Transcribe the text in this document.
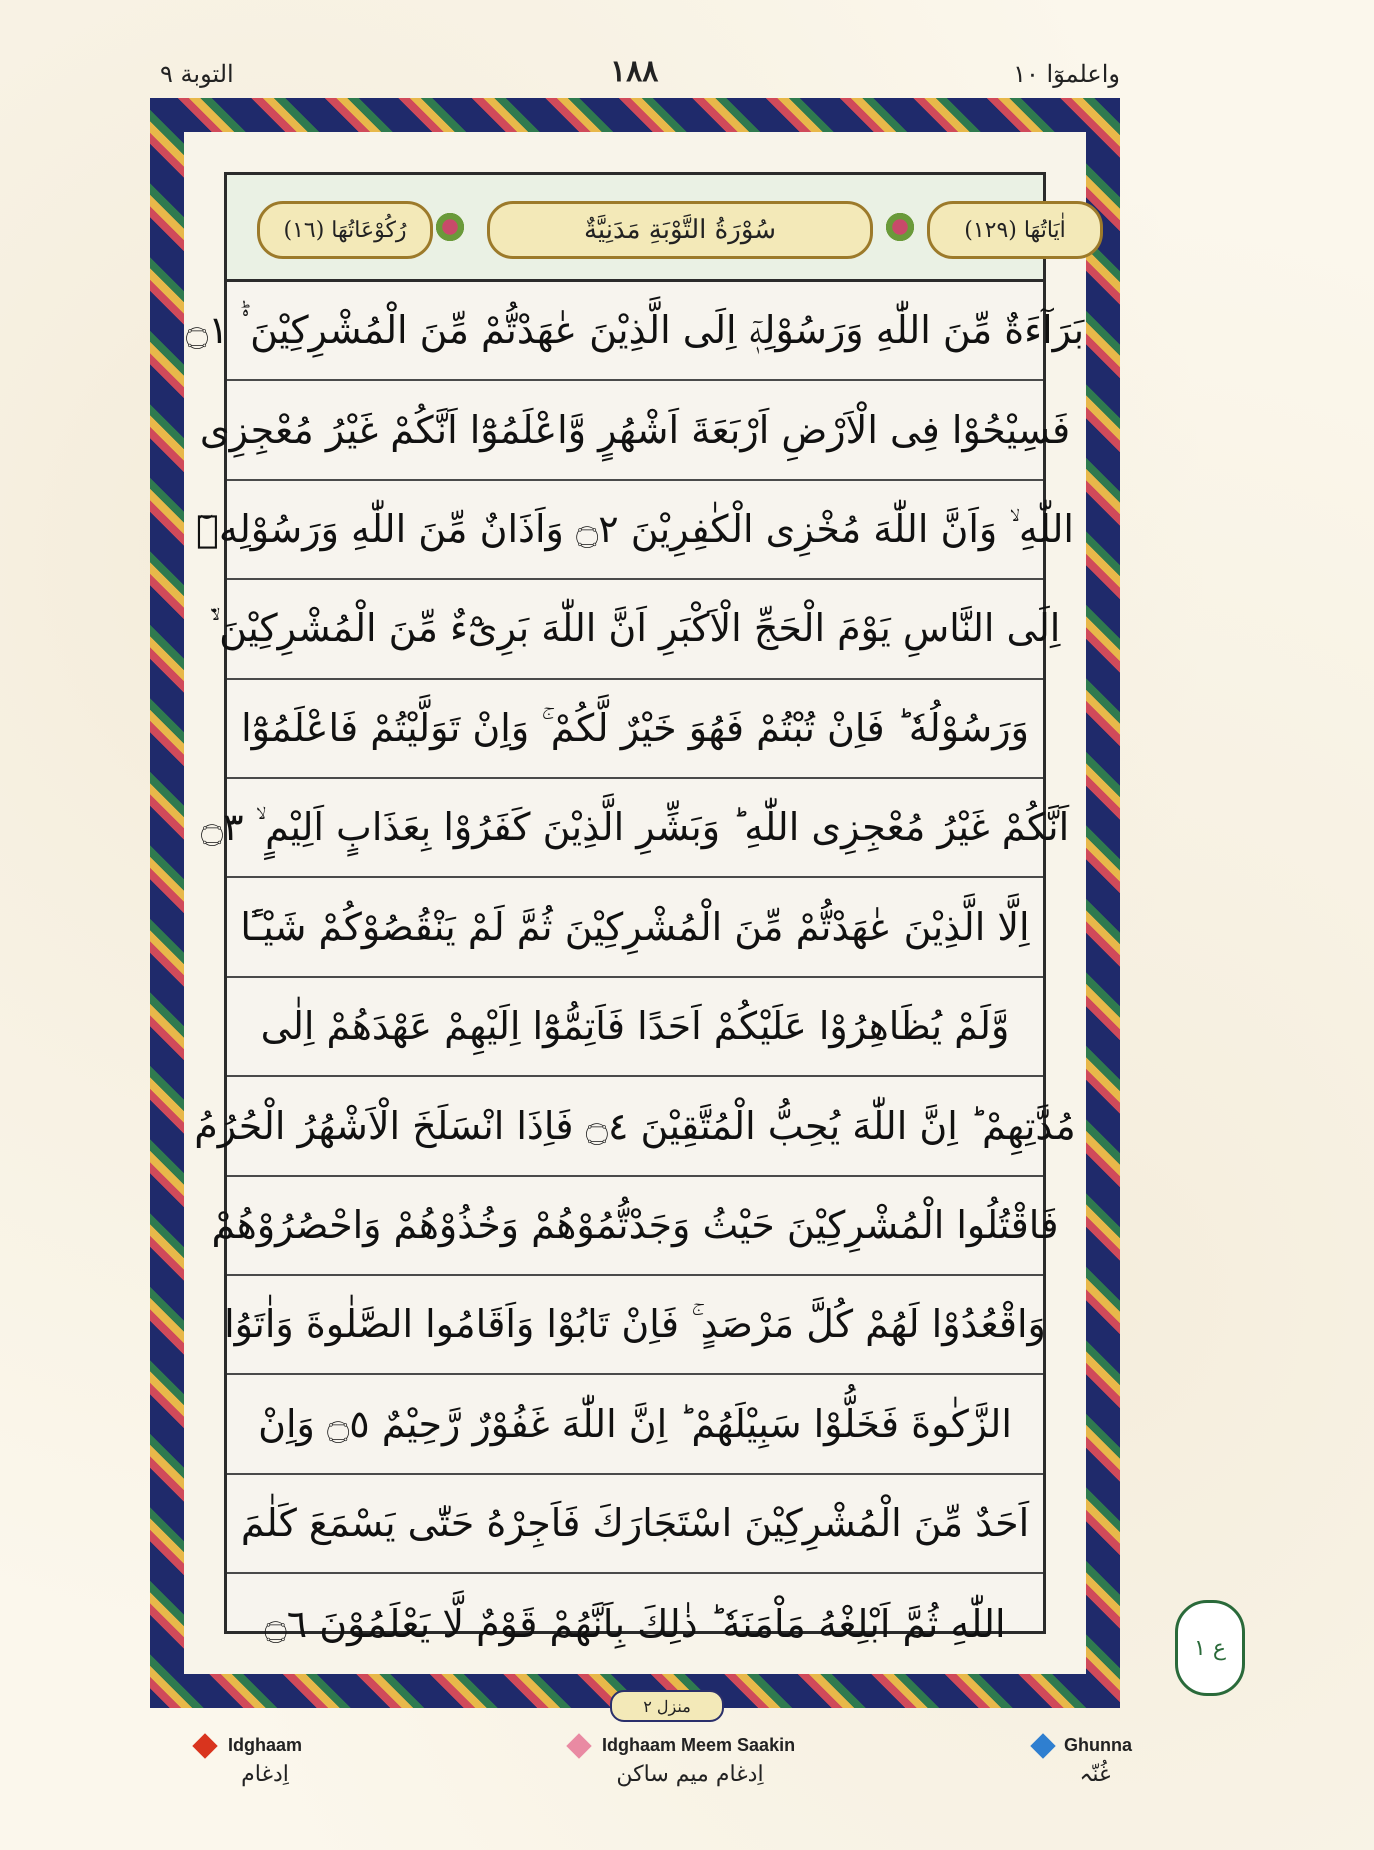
التوبة ٩	١٨٨	واعلموٓا ١٠
رُكُوْعَاتُهَا (١٦)	سُوْرَةُ التَّوْبَةِ مَدَنِيَّةٌ	اٰيَاتُهَا (١٢٩)
بَرَآءَةٌ مِّنَ اللّٰهِ وَرَسُوْلِهٖٓ اِلَى الَّذِيْنَ عٰهَدْتُّمْ مِّنَ الْمُشْرِكِيْنَ ۟ؕ ۝١
فَسِيْحُوْا فِى الْاَرْضِ اَرْبَعَةَ اَشْهُرٍ وَّاعْلَمُوْٓا اَنَّكُمْ غَيْرُ مُعْجِزِى
اللّٰهِ ۙ وَاَنَّ اللّٰهَ مُخْزِى الْكٰفِرِيْنَ ۝٢ وَاَذَانٌ مِّنَ اللّٰهِ وَرَسُوْلِهٖٓ
اِلَى النَّاسِ يَوْمَ الْحَجِّ الْاَكْبَرِ اَنَّ اللّٰهَ بَرِىْٓءٌ مِّنَ الْمُشْرِكِيْنَ ۙ۬
وَرَسُوْلُهٗ ؕ فَاِنْ تُبْتُمْ فَهُوَ خَيْرٌ لَّكُمْ ۚ وَاِنْ تَوَلَّيْتُمْ فَاعْلَمُوْٓا
اَنَّكُمْ غَيْرُ مُعْجِزِى اللّٰهِ ؕ وَبَشِّرِ الَّذِيْنَ كَفَرُوْا بِعَذَابٍ اَلِيْمٍ ۙ ۝٣
اِلَّا الَّذِيْنَ عٰهَدْتُّمْ مِّنَ الْمُشْرِكِيْنَ ثُمَّ لَمْ يَنْقُصُوْكُمْ شَيْـًٔا
وَّلَمْ يُظَاهِرُوْا عَلَيْكُمْ اَحَدًا فَاَتِمُّوْٓا اِلَيْهِمْ عَهْدَهُمْ اِلٰى
مُدَّتِهِمْ ؕ اِنَّ اللّٰهَ يُحِبُّ الْمُتَّقِيْنَ ۝٤ فَاِذَا انْسَلَخَ الْاَشْهُرُ الْحُرُمُ
فَاقْتُلُوا الْمُشْرِكِيْنَ حَيْثُ وَجَدْتُّمُوْهُمْ وَخُذُوْهُمْ وَاحْصُرُوْهُمْ
وَاقْعُدُوْا لَهُمْ كُلَّ مَرْصَدٍ ۚ فَاِنْ تَابُوْا وَاَقَامُوا الصَّلٰوةَ وَاٰتَوُا
الزَّكٰوةَ فَخَلُّوْا سَبِيْلَهُمْ ؕ اِنَّ اللّٰهَ غَفُوْرٌ رَّحِيْمٌ ۝٥ وَاِنْ
اَحَدٌ مِّنَ الْمُشْرِكِيْنَ اسْتَجَارَكَ فَاَجِرْهُ حَتّٰى يَسْمَعَ كَلٰمَ
اللّٰهِ ثُمَّ اَبْلِغْهُ مَاْمَنَهٗ ؕ ذٰلِكَ بِاَنَّهُمْ قَوْمٌ لَّا يَعْلَمُوْنَ ۝٦
ع ١
منزل ٢
Idghaam
اِدغام
Idghaam Meem Saakin
اِدغام میم ساکن
Ghunna
غُنّہ
